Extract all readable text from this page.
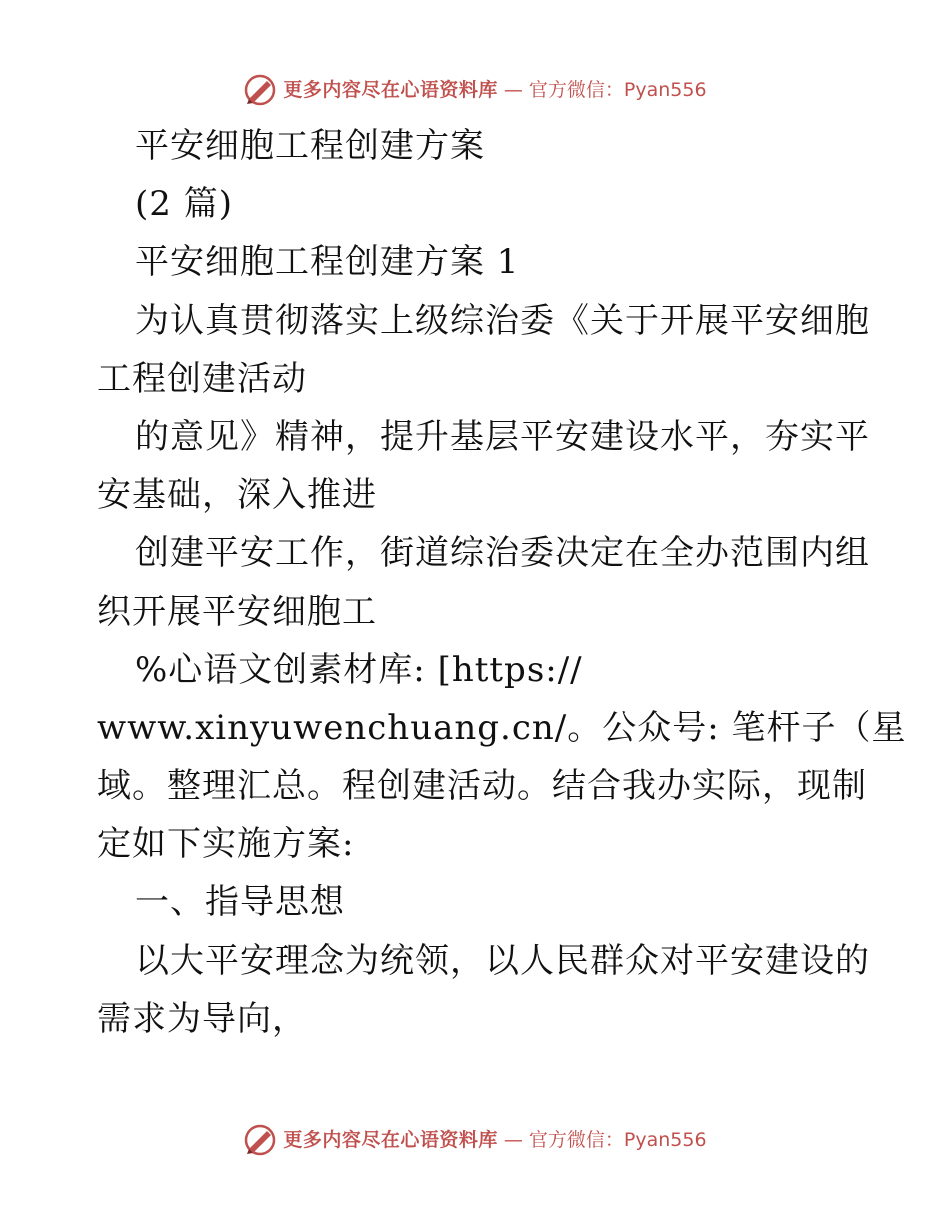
更多内容尽在心语资料库 — 官方微信：Pyan556
平安细胞工程创建方案
(2 篇)
平安细胞工程创建方案 1
为认真贯彻落实上级综治委《关于开展平安细胞
工程创建活动
的意见》精神，提升基层平安建设水平，夯实平
安基础，深入推进
创建平安工作，街道综治委决定在全办范围内组
织开展平安细胞工
%心语文创素材库: [https://
www.xinyuwenchuang.cn/。公众号: 笔杆子（星
域。整理汇总。程创建活动。结合我办实际，现制
定如下实施方案:
一、指导思想
以大平安理念为统领，以人民群众对平安建设的
需求为导向，
更多内容尽在心语资料库 — 官方微信：Pyan556
